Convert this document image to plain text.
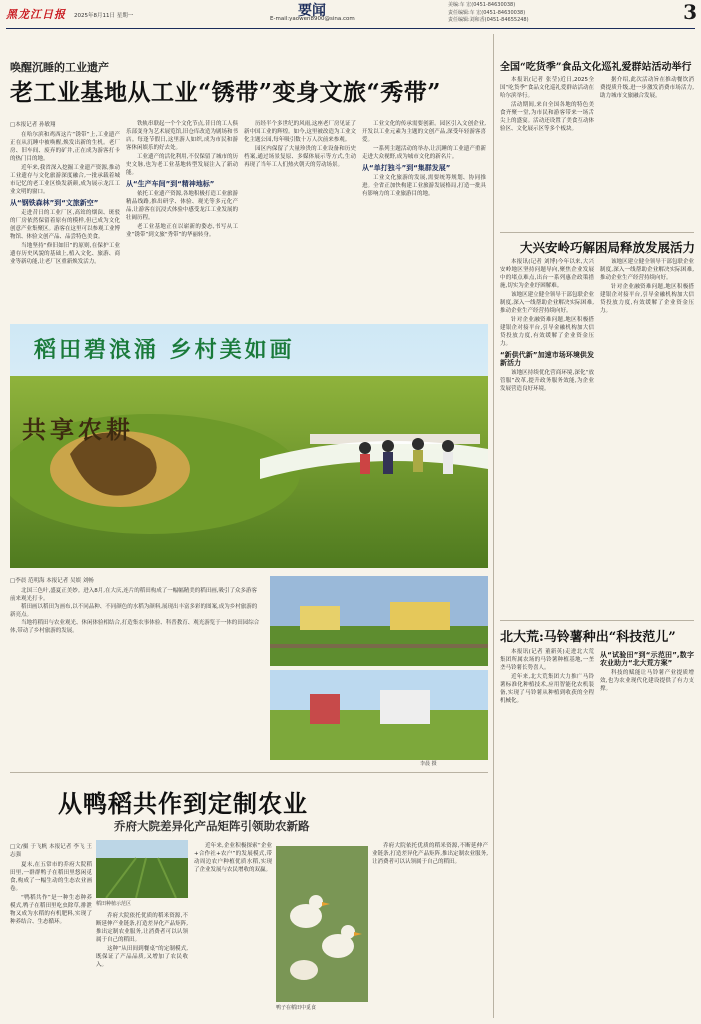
黑龙江日报 2025年8月11日 星期一	要闻
E-mail:yaowen8900@sina.com
美编:车 宏(0451-84630038)
责任编辑:车 宏(0451-84630038)
责任编辑:刘和香(0451-84655248)	3
唤醒沉睡的工业遗产
老工业基地从工业“锈带”变身文旅“秀带”
□本报记者 孙敏翔

在哈尔滨和鸡西这片“锈带”上,工业遗产正在从沉睡中被唤醒,焕发出新的生机。老厂房、旧车间、废弃的矿井,正在成为游客打卡的热门目的地。

近年来,我省深入挖掘工业遗产资源,推动工业遗存与文化旅游深度融合,一批承载着城市记忆的老工业区焕发新颜,成为展示龙江工业文明的窗口。

从“钢铁森林”到“文旅新空”

走进昔日的工业厂区,高耸的烟囱、斑驳的厂房依然保留着原有的模样,但已成为文化创意产业集聚区。游客在这里可以参观工业博物馆、体验文创产品、品尝特色美食。

当地坚持“修旧如旧”的原则,在保护工业遗存历史风貌的基础上,植入文化、旅游、商业等新功能,让老厂区重新焕发活力。

铁轨串联起一个个文化节点,昔日的工人俱乐部变身为艺术展览馆,旧仓库改造为剧场和书店。每逢节假日,这里游人如织,成为市民和游客休闲娱乐的好去处。

工业遗产的活化利用,不仅保留了城市的历史文脉,也为老工业基地转型发展注入了新动能。

从“生产车间”到“精神地标”

依托工业遗产资源,各地积极打造工业旅游精品线路,推出研学、体验、观光等多元化产品,让游客在沉浸式体验中感受龙江工业发展的壮阔历程。

老工业基地正在以崭新的姿态,书写从工业“锈带”到文旅“秀带”的华丽转身。

历经半个多世纪的风雨,这座老厂房见证了新中国工业的辉煌。如今,这里被改造为工业文化主题公园,每年吸引数十万人次前来参观。

园区内保留了大量珍贵的工业设备和历史档案,通过场景复原、多媒体展示等方式,生动再现了当年工人们热火朝天的劳动场景。

工业文化的传承需要创新。园区引入文创企业,开发以工业元素为主题的文创产品,深受年轻游客喜爱。

一系列主题活动的举办,让沉睡的工业遗产重新走进大众视野,成为城市文化的新名片。

从“单打独斗”到“集群发展”

工业文化旅游的发展,需要统筹规划、协同推进。全省正加快构建工业旅游发展格局,打造一批具有影响力的工业旅游目的地。

稻田碧浪涌 乡村美如画
共享农耕
□李晨 范明海 本报记者 吴娱 刘畅

北国三色叶,盛夏正美妙。进入8月,在大庆,连片的稻田构成了一幅幅精美的稻田画,吸引了众多游客前来观光打卡。

稻田画以稻田为画布,以不同品种、不同颜色的水稻为颜料,展现出丰富多彩的图案,成为乡村旅游的新亮点。

当地将稻田与农业观光、休闲体验相结合,打造集农事体验、科普教育、观光游览于一体的田园综合体,带动了乡村旅游的发展。

李晨 摄
从鸭稻共作到定制农业
乔府大院差异化产品矩阵引领助农新路
□文/摄 于飞帆 本报记者 李飞 王志强

夏末,在五常市的乔府大院稻田里,一群群鸭子在稻田里悠闲觅食,构成了一幅生动的生态农业画卷。

“鸭稻共作”是一种生态种养模式,鸭子在稻田里吃虫除草,排泄物又成为水稻的有机肥料,实现了种养结合、生态循环。

稻田种植示范区

乔府大院依托优质的稻米资源,不断延伸产业链条,打造差异化产品矩阵,推出定制农业服务,让消费者可以认领属于自己的稻田。

这种“从田间到餐桌”的定制模式,既保证了产品品质,又增加了农民收入。

近年来,企业积极探索“企业+合作社+农户”的发展模式,带动周边农户种植优质水稻,实现了企业发展与农民增收的双赢。

鸭子在稻田中觅食

乔府大院依托优质的稻米资源,不断延伸产业链条,打造差异化产品矩阵,推出定制农业服务,让消费者可以认领属于自己的稻田。

全国“吃货季”食品文化巡礼爱群站活动举行

本报讯(记者 张莹)近日,2025全国“吃货季”食品文化巡礼爱群站活动在哈尔滨举行。

活动期间,来自全国各地的特色美食齐聚一堂,为市民和游客带来一场舌尖上的盛宴。活动还设置了美食互动体验区、文化展示区等多个板块。

据介绍,此次活动旨在推动餐饮消费提质升级,进一步激发消费市场活力,助力城市文旅融合发展。

大兴安岭巧解困局释放发展活力

本报讯(记者 刘博)今年以来,大兴安岭地区坚持问题导向,聚焦企业发展中的堵点难点,出台一系列惠企政策措施,切实为企业纾困解难。

该地区建立健全领导干部包联企业制度,深入一线帮助企业解决实际困难,推动企业生产经营持续向好。

针对企业融资难问题,地区积极搭建银企对接平台,引导金融机构加大信贷投放力度,有效缓解了企业资金压力。

“新供代新”加速市场环境供发新活力

该地区持续优化营商环境,深化“放管服”改革,提升政务服务效能,为企业发展营造良好环境。

该地区建立健全领导干部包联企业制度,深入一线帮助企业解决实际困难,推动企业生产经营持续向好。

针对企业融资难问题,地区积极搭建银企对接平台,引导金融机构加大信贷投放力度,有效缓解了企业资金压力。

北大荒:马铃薯种出“科技范儿”

本报讯(记者 董新英)走进北大荒集团所属农场的马铃薯种植基地,一垄垄马铃薯长势喜人。

近年来,北大荒集团大力推广马铃薯标准化种植技术,应用智能化农机装备,实现了马铃薯从种植到收获的全程机械化。

从“试验田”到“示范田”,数字农业助力“北大荒方案”

科技的赋能让马铃薯产业提质增效,也为农业现代化建设提供了有力支撑。
